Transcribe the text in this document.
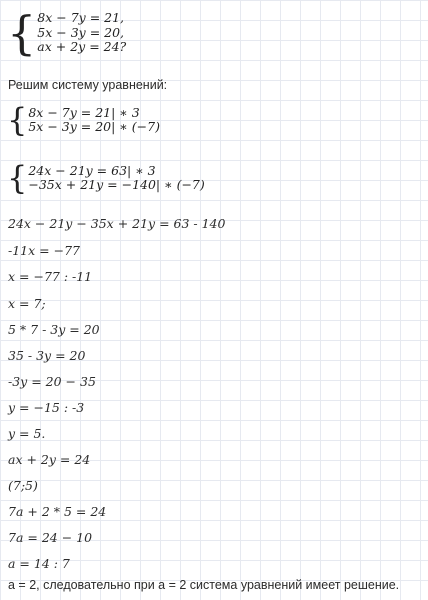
{ 8x − 7y = 21,
5x − 3y = 20,
ax + 2y = 24?
Решим систему уравнений:
{ 8x − 7y = 21| ∗ 3
5x − 3y = 20| ∗ (−7)
{ 24x − 21y = 63| ∗ 3
−35x + 21y = −140| ∗ (−7)
24x − 21y − 35x + 21y = 63 - 140
-11x = −77
x = −77 : -11
x = 7;
5 * 7 - 3y = 20
35 - 3y = 20
-3y = 20 − 35
y = −15 : -3
y = 5.
ax + 2y = 24
(7;5)
7a + 2 * 5 = 24
7a = 24 − 10
a = 14 : 7
a = 2, следовательно при а = 2 система уравнений имеет решение.
